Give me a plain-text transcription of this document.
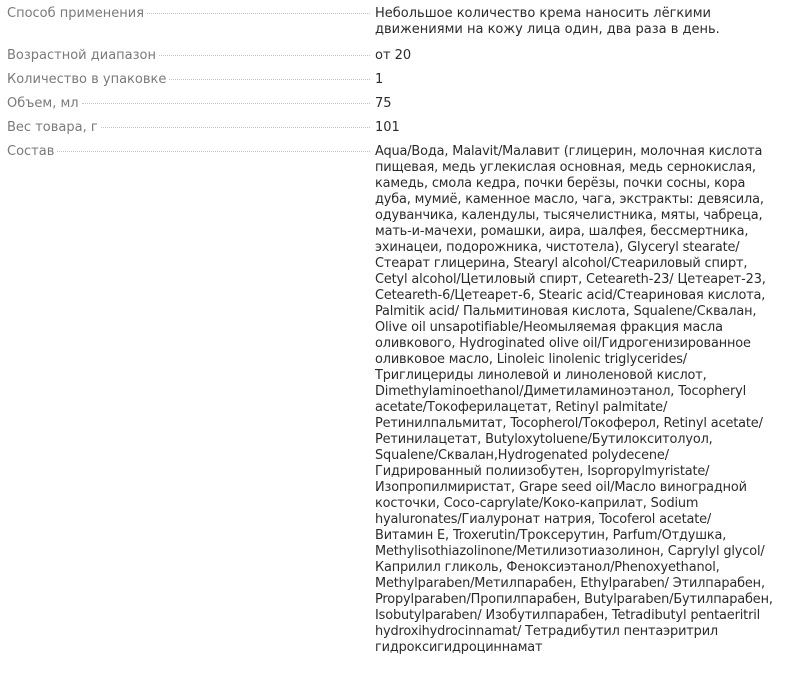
Способ применения	Небольшое количество крема наносить лёгкими движениями на кожу лица один, два раза в день.
Возрастной диапазон	от 20
Количество в упаковке	1
Объем, мл	75
Вес товара, г	101
Состав	Aqua/Вода, Malavit/Малавит (глицерин, молочная кислота пищевая, медь углекислая основная, медь сернокислая, камедь, смола кедра, почки берёзы, почки сосны, кора дуба, мумиё, каменное масло, чага, экстракты: девясила, одуванчика, календулы, тысячелистника, мяты, чабреца, мать-и-мачехи, ромашки, аира, шалфея, бессмертника, эхинацеи, подорожника, чистотела), Glyceryl stearate/Стеарат глицерина, Stearyl alcohol/Стеариловый спирт, Cetyl alcohol/Цетиловый спирт, Ceteareth-23/ Цетеарет-23, Ceteareth-6/Цетеарет-6, Stearic acid/Стеариновая кислота, Palmitik acid/ Пальмитиновая кислота, Squalene/Сквалан, Olive oil unsapotifiable/Неомыляемая фракция масла оливкового, Hydroginated olive oil/Гидрогенизированное оливковое масло, Linoleic linolenic triglycerides/ Триглицериды линолевой и линоленовой кислот, Dimethylaminoethanol/Диметиламиноэтанол, Tocopheryl acetate/Токоферилацетат, Retinyl palmitate/ Ретинилпальмитат, Tocopherol/Токоферол, Retinyl acetate/Ретинилацетат, Butyloxytoluene/Бутилокситолуол, Squalene/Сквалан,Hydrogenated polydecene/ Гидрированный полиизобутен, Isopropylmyristate/ Изопропилмиристат, Grape seed oil/Масло виноградной косточки, Coco-caprylate/Коко-каприлат, Sodium hyaluronates/Гиалуронат натрия, Tocoferol acetate/ Витамин Е, Troxerutin/Троксерутин, Parfum/Отдушка, Methylisothiazolinone/Метилизотиазолинон, Caprylyl glycol/Каприлил гликоль, Феноксиэтанол/Phenoxyethanol, Methylparaben/Метилпарабен, Ethylparaben/ Этилпарабен, Propylparaben/Пропилпарабен, Butylparaben/Бутилпарабен, Isobutylparaben/ Изобутилпарабен, Tetradibutyl pentaeritril hydroxihydrocinnamat/ Тетрадибутил пентаэритрил гидроксигидроциннамат
